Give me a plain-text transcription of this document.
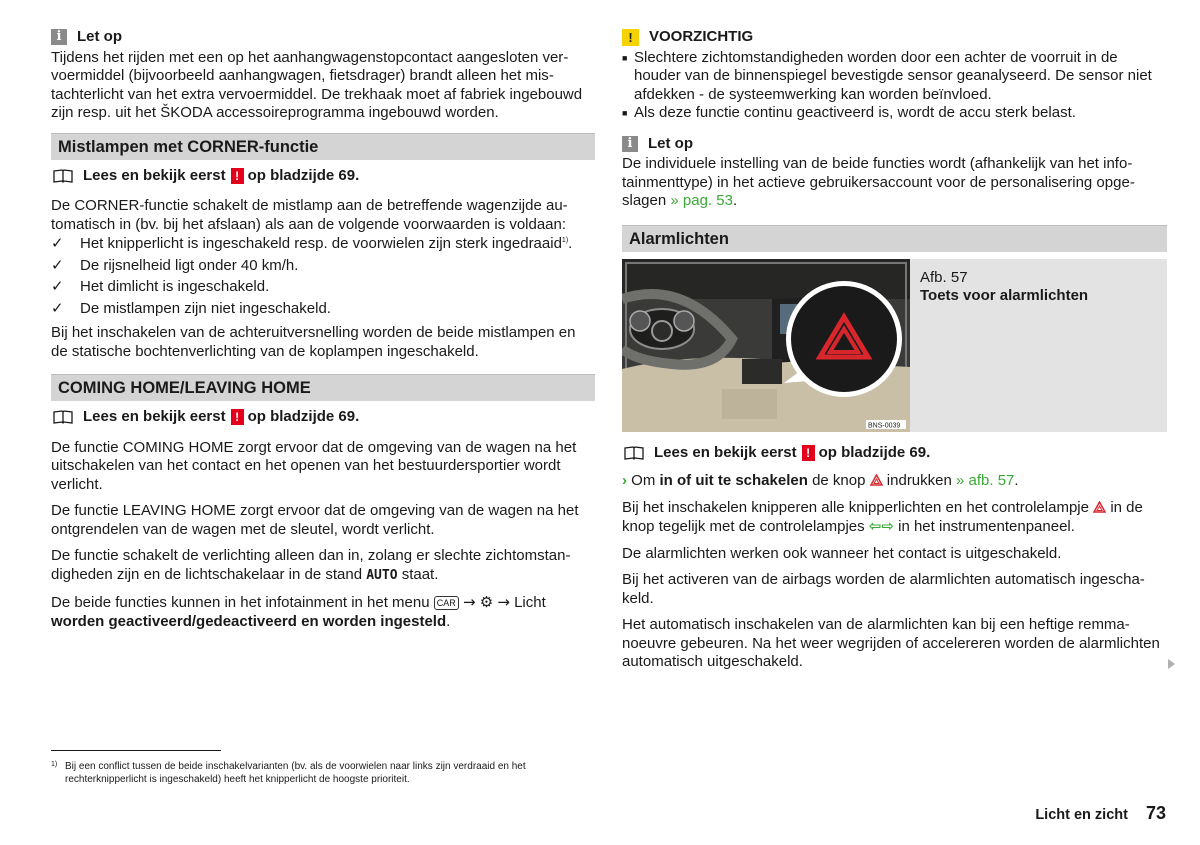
i	Let op

Tijdens het rijden met een op het aanhangwagenstopcontact aangesloten vervoermiddel (bijvoorbeeld aanhangwagen, fietsdrager) brandt alleen het mistachterlicht van het extra vervoermiddel. De trekhaak moet af fabriek ingebouwd zijn resp. uit het ŠKODA accessoireprogramma ingebouwd worden.

Mistlampen met CORNER-functie
Lees en bekijk eerst ! op bladzijde 69.

De CORNER-functie schakelt de mistlamp aan de betreffende wagenzijde automatisch in (bv. bij het afslaan) als aan de volgende voorwaarden is voldaan:

✓	Het knipperlicht is ingeschakeld resp. de voorwielen zijn sterk ingedraaid$^{1)}$.
✓	De rijsnelheid ligt onder 40 km/h.
✓	Het dimlicht is ingeschakeld.
✓	De mistlampen zijn niet ingeschakeld.

Bij het inschakelen van de achteruitversnelling worden de beide mistlampen en de statische bochtenverlichting van de koplampen ingeschakeld.

COMING HOME/LEAVING HOME
Lees en bekijk eerst ! op bladzijde 69.

De functie COMING HOME zorgt ervoor dat de omgeving van de wagen na het uitschakelen van het contact en het openen van het bestuurdersportier wordt verlicht.

De functie LEAVING HOME zorgt ervoor dat de omgeving van de wagen na het ontgrendelen van de wagen met de sleutel, wordt verlicht.

De functie schakelt de verlichting alleen dan in, zolang er slechte zichtomstandigheden zijn en de lichtschakelaar in de stand AUTO staat.

De beide functies kunnen in het infotainment in het menu CAR → ⚙ → Licht worden geactiveerd/gedeactiveerd en worden ingesteld.

!	VOORZICHTIG
■ Slechtere zichtomstandigheden worden door een achter de voorruit in de houder van de binnenspiegel bevestigde sensor geanalyseerd. De sensor niet afdekken - de systeemwerking kan worden beïnvloed.
■ Als deze functie continu geactiveerd is, wordt de accu sterk belast.
i	Let op

De individuele instelling van de beide functies wordt (afhankelijk van het infotainmenttype) in het actieve gebruikersaccount voor de personalisering opgeslagen » pag. 53.

Alarmlichten
BNS-0039
Afb. 57
Toets voor alarmlichten
Lees en bekijk eerst ! op bladzijde 69.

› Om in of uit te schakelen de knop indrukken » afb. 57.

Bij het inschakelen knipperen alle knipperlichten en het controlelampje in de knop tegelijk met de controlelampjes ⇦⇨ in het instrumentenpaneel.

De alarmlichten werken ook wanneer het contact is uitgeschakeld.

Bij het activeren van de airbags worden de alarmlichten automatisch ingeschakeld.

Het automatisch inschakelen van de alarmlichten kan bij een heftige remmanoeuvre gebeuren. Na het weer wegrijden of accelereren worden de alarmlichten automatisch uitgeschakeld.

1) Bij een conflict tussen de beide inschakelvarianten (bv. als de voorwielen naar links zijn verdraaid en het rechterknipperlicht is ingeschakeld) heeft het knipperlicht de hoogste prioriteit.
Licht en zicht 73
